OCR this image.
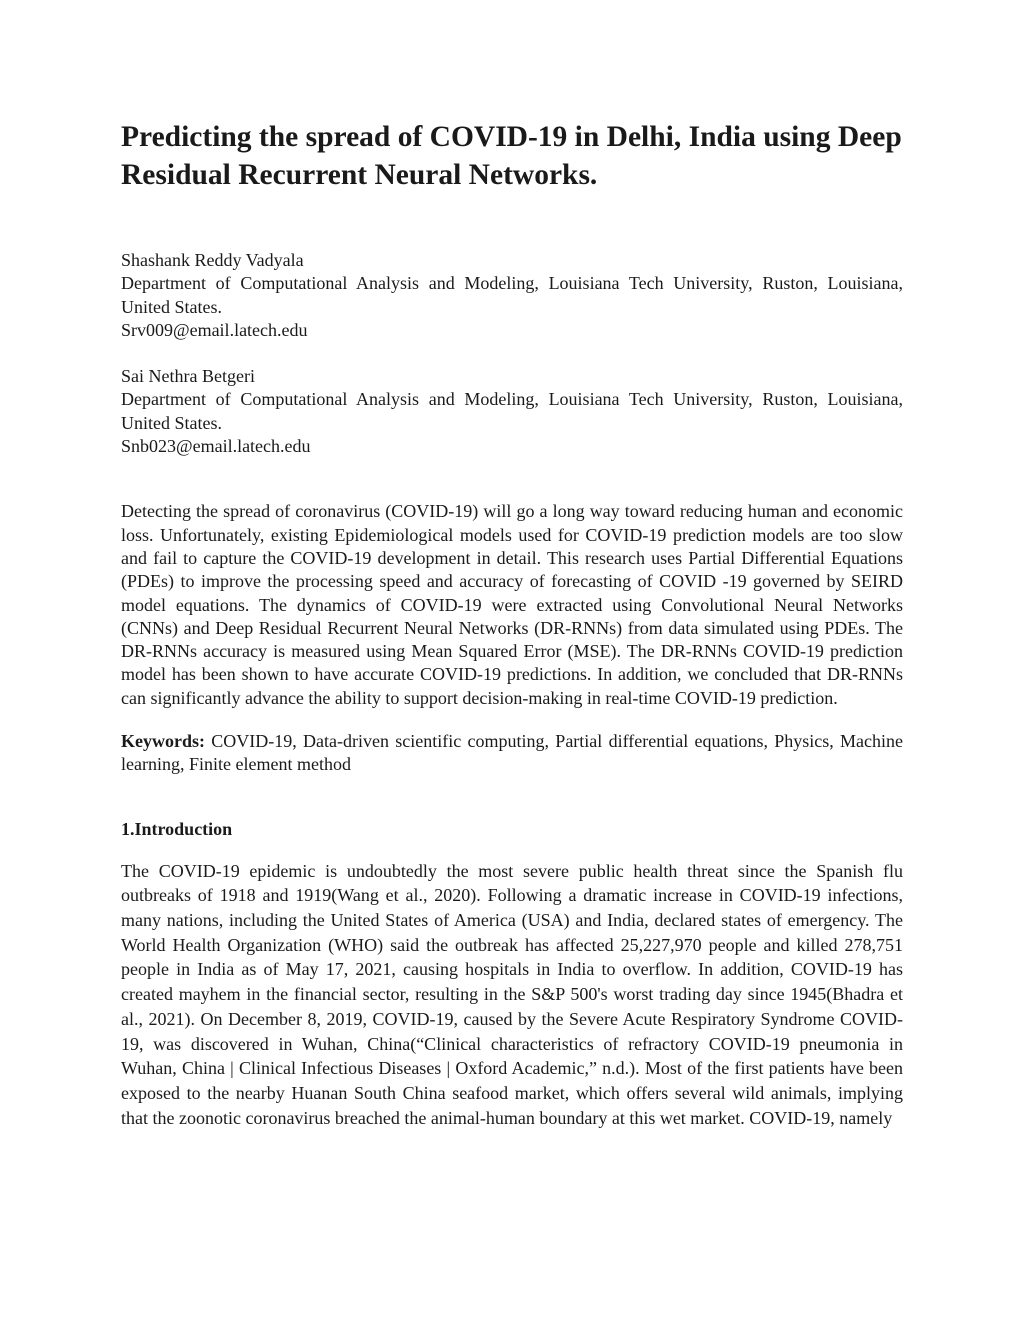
Predicting the spread of COVID-19 in Delhi, India using Deep Residual Recurrent Neural Networks.
Shashank Reddy Vadyala
Department of Computational Analysis and Modeling, Louisiana Tech University, Ruston, Louisiana, United States.
Srv009@email.latech.edu
Sai Nethra Betgeri
Department of Computational Analysis and Modeling, Louisiana Tech University, Ruston, Louisiana, United States.
Snb023@email.latech.edu

Detecting the spread of coronavirus (COVID-19) will go a long way toward reducing human and economic loss. Unfortunately, existing Epidemiological models used for COVID-19 prediction models are too slow and fail to capture the COVID-19 development in detail. This research uses Partial Differential Equations (PDEs) to improve the processing speed and accuracy of forecasting of COVID -19 governed by SEIRD model equations. The dynamics of COVID-19 were extracted using Convolutional Neural Networks (CNNs) and Deep Residual Recurrent Neural Networks (DR-RNNs) from data simulated using PDEs. The DR-RNNs accuracy is measured using Mean Squared Error (MSE). The DR-RNNs COVID-19 prediction model has been shown to have accurate COVID-19 predictions. In addition, we concluded that DR-RNNs can significantly advance the ability to support decision-making in real-time COVID-19 prediction.

Keywords: COVID-19, Data-driven scientific computing, Partial differential equations, Physics, Machine learning, Finite element method
1.Introduction

The COVID-19 epidemic is undoubtedly the most severe public health threat since the Spanish flu outbreaks of 1918 and 1919(Wang et al., 2020). Following a dramatic increase in COVID-19 infections, many nations, including the United States of America (USA) and India, declared states of emergency. The World Health Organization (WHO) said the outbreak has affected 25,227,970 people and killed 278,751 people in India as of May 17, 2021, causing hospitals in India to overflow. In addition, COVID-19 has created mayhem in the financial sector, resulting in the S&P 500's worst trading day since 1945(Bhadra et al., 2021). On December 8, 2019, COVID-19, caused by the Severe Acute Respiratory Syndrome COVID-19, was discovered in Wuhan, China(“Clinical characteristics of refractory COVID-19 pneumonia in Wuhan, China | Clinical Infectious Diseases | Oxford Academic,” n.d.). Most of the first patients have been exposed to the nearby Huanan South China seafood market, which offers several wild animals, implying that the zoonotic coronavirus breached the animal-human boundary at this wet market. COVID-19, namely
